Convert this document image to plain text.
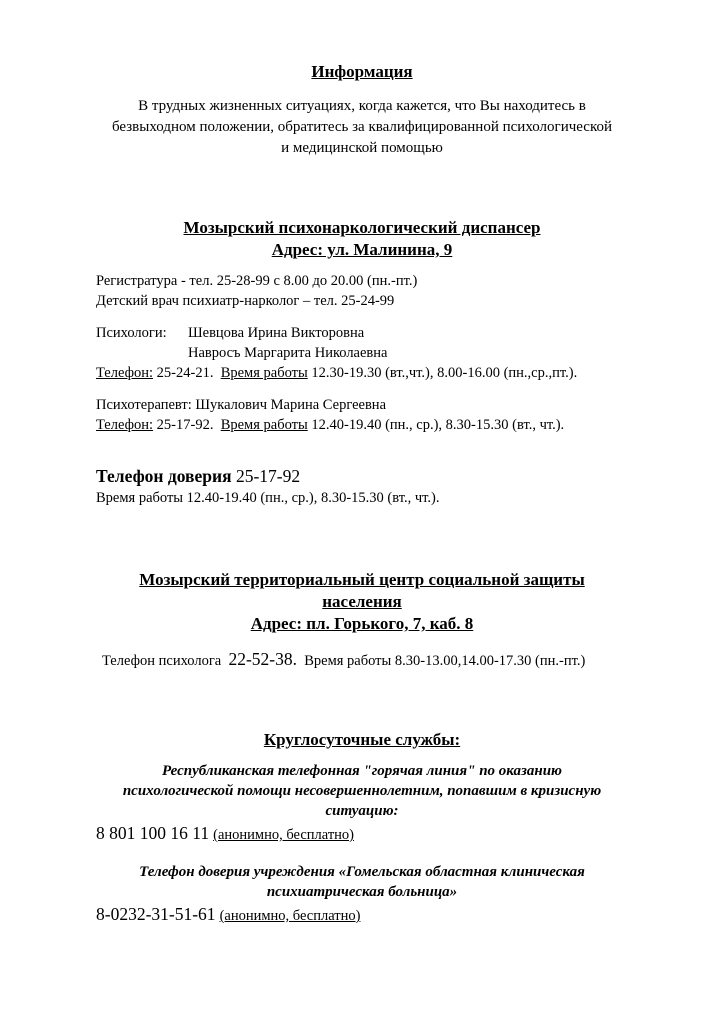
Информация
В трудных жизненных ситуациях, когда кажется, что Вы находитесь в
безвыходном положении, обратитесь за квалифицированной психологической
и медицинской помощью
Мозырский психонаркологический диспансер
Адрес: ул. Малинина, 9
Регистратура - тел. 25-28-99 с 8.00 до 20.00 (пн.-пт.)
Детский врач психиатр-нарколог – тел. 25-24-99
Психологи: Шевцова Ирина Викторовна
Навросъ Маргарита Николаевна
Телефон: 25-24-21. Время работы 12.30-19.30 (вт.,чт.), 8.00-16.00 (пн.,ср.,пт.).
Психотерапевт: Шукалович Марина Сергеевна
Телефон: 25-17-92. Время работы 12.40-19.40 (пн., ср.), 8.30-15.30 (вт., чт.).
Телефон доверия 25-17-92
Время работы 12.40-19.40 (пн., ср.), 8.30-15.30 (вт., чт.).
Мозырский территориальный центр социальной защиты
населения
Адрес: пл. Горького, 7, каб. 8
Телефон психолога 22-52-38. Время работы 8.30-13.00,14.00-17.30 (пн.-пт.)
Круглосуточные службы:
Республиканская телефонная "горячая линия" по оказанию
психологической помощи несовершеннолетним, попавшим в кризисную
ситуацию:
8 801 100 16 11 (анонимно, бесплатно)
Телефон доверия учреждения «Гомельская областная клиническая
психиатрическая больница»
8-0232-31-51-61 (анонимно, бесплатно)
